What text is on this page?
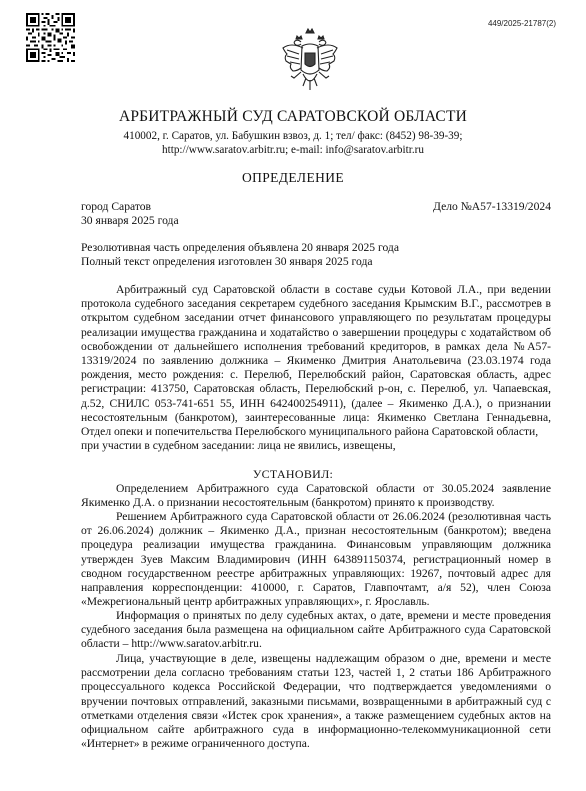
449/2025-21787(2)
АРБИТРАЖНЫЙ СУД САРАТОВСКОЙ ОБЛАСТИ
410002, г. Саратов, ул. Бабушкин взвоз, д. 1; тел/ факс: (8452) 98-39-39;
http://www.saratov.arbitr.ru; e-mail: info@saratov.arbitr.ru
ОПРЕДЕЛЕНИЕ
город Саратов
30 января 2025 года
Дело №А57-13319/2024
Резолютивная часть определения объявлена 20 января 2025 года
Полный текст определения изготовлен 30 января 2025 года
Арбитражный суд Саратовской области в составе судьи Котовой Л.А., при ведении протокола судебного заседания секретарем судебного заседания Крымским В.Г., рассмотрев в открытом судебном заседании отчет финансового управляющего по результатам процедуры реализации имущества гражданина и ходатайство о завершении процедуры с ходатайством об освобождении от дальнейшего исполнения требований кредиторов, в рамках дела №А57-13319/2024 по заявлению должника – Якименко Дмитрия Анатольевича (23.03.1974 года рождения, место рождения: с. Перелюб, Перелюбский район, Саратовская область, адрес регистрации: 413750, Саратовская область, Перелюбский р-он, с. Перелюб, ул. Чапаевская, д.52, СНИЛС 053-741-651 55, ИНН 642400254911), (далее – Якименко Д.А.), о признании несостоятельным (банкротом), заинтересованные лица: Якименко Светлана Геннадьевна, Отдел опеки и попечительства Перелюбского муниципального района Саратовской области,
при участии в судебном заседании: лица не явились, извещены,
УСТАНОВИЛ:
Определением Арбитражного суда Саратовской области от 30.05.2024 заявление Якименко Д.А. о признании несостоятельным (банкротом) принято к производству.
Решением Арбитражного суда Саратовской области от 26.06.2024 (резолютивная часть от 26.06.2024) должник – Якименко Д.А., признан несостоятельным (банкротом); введена процедура реализации имущества гражданина. Финансовым управляющим должника утвержден Зуев Максим Владимирович (ИНН 643891150374, регистрационный номер в сводном государственном реестре арбитражных управляющих: 19267, почтовый адрес для направления корреспонденции: 410000, г. Саратов, Главпочтамт, а/я 52), член Союза «Межрегиональный центр арбитражных управляющих», г. Ярославль.
Информация о принятых по делу судебных актах, о дате, времени и месте проведения судебного заседания была размещена на официальном сайте Арбитражного суда Саратовской области – http://www.saratov.arbitr.ru.
Лица, участвующие в деле, извещены надлежащим образом о дне, времени и месте рассмотрении дела согласно требованиям статьи 123, частей 1, 2 статьи 186 Арбитражного процессуального кодекса Российской Федерации, что подтверждается уведомлениями о вручении почтовых отправлений, заказными письмами, возвращенными в арбитражный суд с отметками отделения связи «Истек срок хранения», а также размещением судебных актов на официальном сайте арбитражного суда в информационно-телекоммуникационной сети «Интернет» в режиме ограниченного доступа.
